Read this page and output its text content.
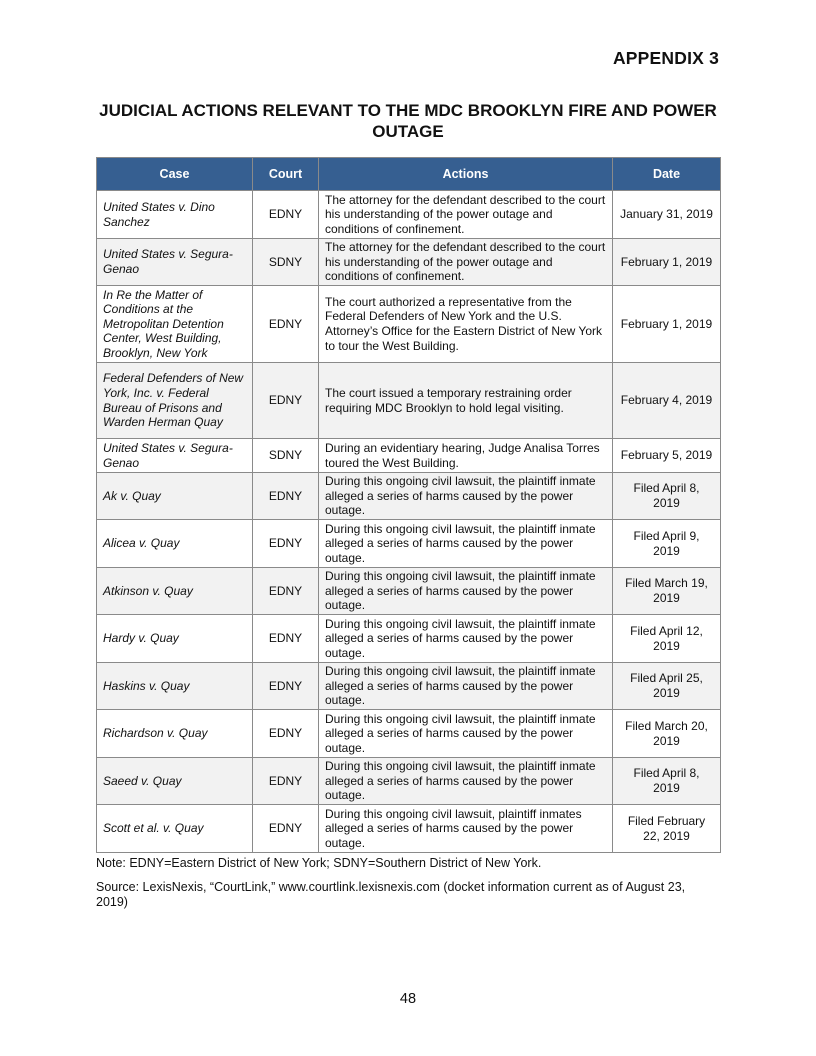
APPENDIX 3
JUDICIAL ACTIONS RELEVANT TO THE MDC BROOKLYN FIRE AND POWER OUTAGE
Case	Court	Actions	Date
United States v. Dino Sanchez	EDNY	The attorney for the defendant described to the court his understanding of the power outage and conditions of confinement.	January 31, 2019
United States v. Segura-Genao	SDNY	The attorney for the defendant described to the court his understanding of the power outage and conditions of confinement.	February 1, 2019
In Re the Matter of Conditions at the Metropolitan Detention Center, West Building, Brooklyn, New York	EDNY	The court authorized a representative from the Federal Defenders of New York and the U.S. Attorney’s Office for the Eastern District of New York to tour the West Building.	February 1, 2019
Federal Defenders of New York, Inc. v. Federal Bureau of Prisons and Warden Herman Quay	EDNY	The court issued a temporary restraining order requiring MDC Brooklyn to hold legal visiting.	February 4, 2019
United States v. Segura-Genao	SDNY	During an evidentiary hearing, Judge Analisa Torres toured the West Building.	February 5, 2019
Ak v. Quay	EDNY	During this ongoing civil lawsuit, the plaintiff inmate alleged a series of harms caused by the power outage.	Filed April 8, 2019
Alicea v. Quay	EDNY	During this ongoing civil lawsuit, the plaintiff inmate alleged a series of harms caused by the power outage.	Filed April 9, 2019
Atkinson v. Quay	EDNY	During this ongoing civil lawsuit, the plaintiff inmate alleged a series of harms caused by the power outage.	Filed March 19, 2019
Hardy v. Quay	EDNY	During this ongoing civil lawsuit, the plaintiff inmate alleged a series of harms caused by the power outage.	Filed April 12, 2019
Haskins v. Quay	EDNY	During this ongoing civil lawsuit, the plaintiff inmate alleged a series of harms caused by the power outage.	Filed April 25, 2019
Richardson v. Quay	EDNY	During this ongoing civil lawsuit, the plaintiff inmate alleged a series of harms caused by the power outage.	Filed March 20, 2019
Saeed v. Quay	EDNY	During this ongoing civil lawsuit, the plaintiff inmate alleged a series of harms caused by the power outage.	Filed April 8, 2019
Scott et al. v. Quay	EDNY	During this ongoing civil lawsuit, plaintiff inmates alleged a series of harms caused by the power outage.	Filed February 22, 2019
Note: EDNY=Eastern District of New York; SDNY=Southern District of New York.
Source: LexisNexis, “CourtLink,” www.courtlink.lexisnexis.com (docket information current as of August 23, 2019)
48
